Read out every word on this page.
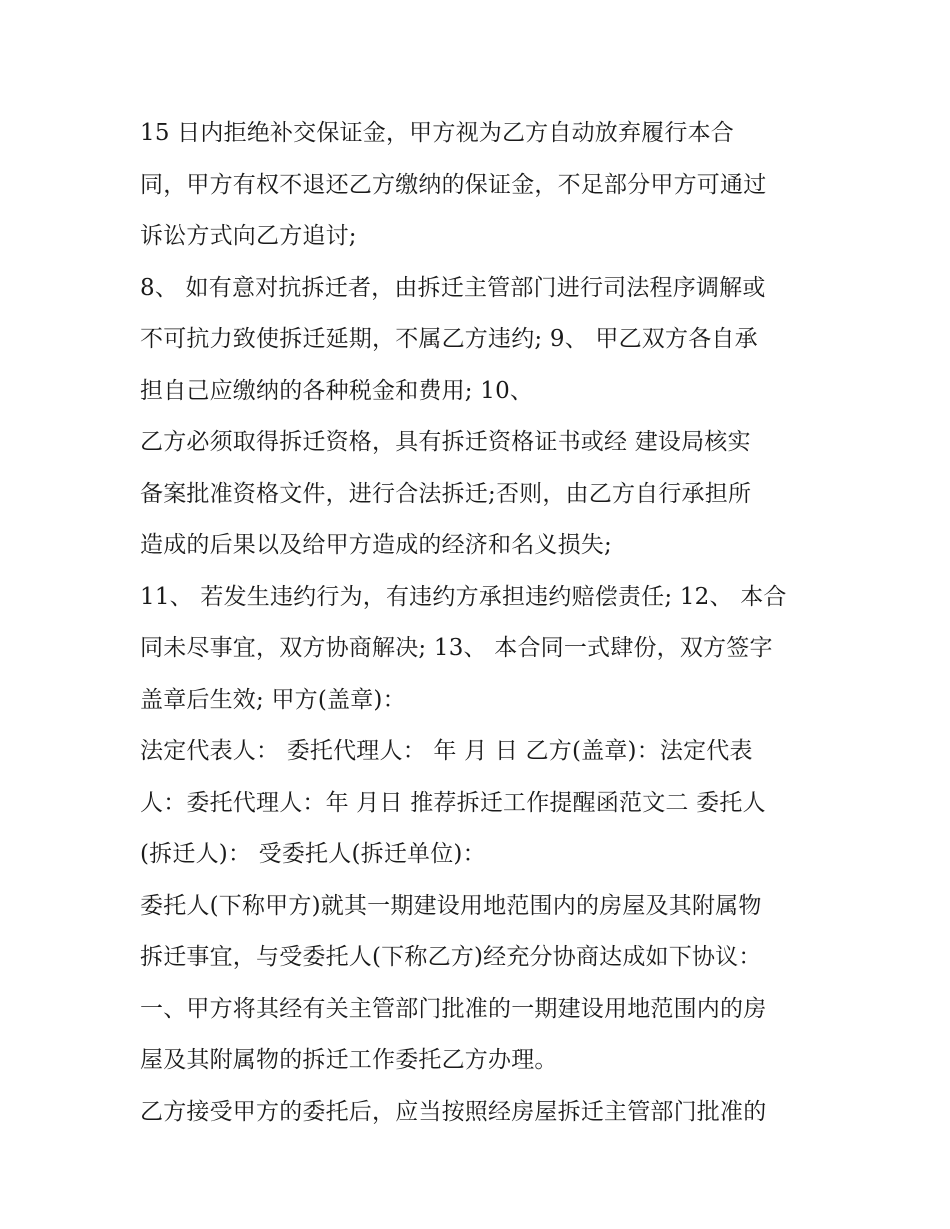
15 日内拒绝补交保证金，甲方视为乙方自动放弃履行本合
同，甲方有权不退还乙方缴纳的保证金，不足部分甲方可通过
诉讼方式向乙方追讨;
8、 如有意对抗拆迁者，由拆迁主管部门进行司法程序调解或
不可抗力致使拆迁延期，不属乙方违约; 9、 甲乙双方各自承
担自己应缴纳的各种税金和费用; 10、
乙方必须取得拆迁资格，具有拆迁资格证书或经 建设局核实
备案批准资格文件，进行合法拆迁;否则，由乙方自行承担所
造成的后果以及给甲方造成的经济和名义损失;
11、 若发生违约行为，有违约方承担违约赔偿责任; 12、 本合
同未尽事宜，双方协商解决; 13、 本合同一式肆份，双方签字
盖章后生效; 甲方(盖章)：
法定代表人： 委托代理人： 年 月 日 乙方(盖章)：法定代表
人：委托代理人：年 月日 推荐拆迁工作提醒函范文二 委托人
(拆迁人)： 受委托人(拆迁单位)：
委托人(下称甲方)就其一期建设用地范围内的房屋及其附属物
拆迁事宜，与受委托人(下称乙方)经充分协商达成如下协议：
一、甲方将其经有关主管部门批准的一期建设用地范围内的房
屋及其附属物的拆迁工作委托乙方办理。
乙方接受甲方的委托后，应当按照经房屋拆迁主管部门批准的
